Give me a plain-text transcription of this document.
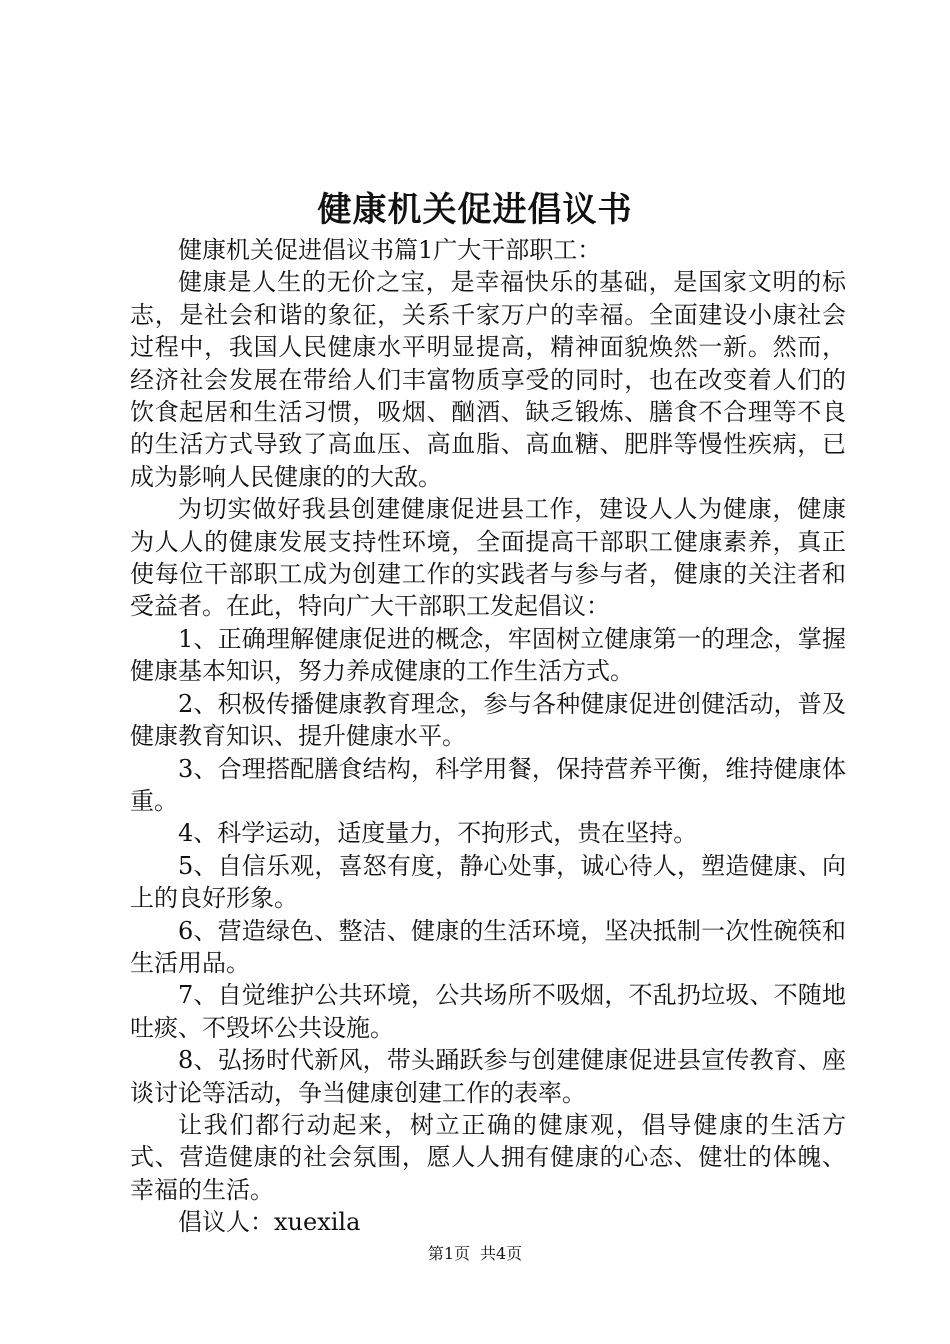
健康机关促进倡议书

健康机关促进倡议书篇1广大干部职工：

健康是人生的无价之宝，是幸福快乐的基础，是国家文明的标志，是社会和谐的象征，关系千家万户的幸福。全面建设小康社会过程中，我国人民健康水平明显提高，精神面貌焕然一新。然而，经济社会发展在带给人们丰富物质享受的同时，也在改变着人们的饮食起居和生活习惯，吸烟、酗酒、缺乏锻炼、膳食不合理等不良的生活方式导致了高血压、高血脂、高血糖、肥胖等慢性疾病，已成为影响人民健康的的大敌。

为切实做好我县创建健康促进县工作，建设人人为健康，健康为人人的健康发展支持性环境，全面提高干部职工健康素养，真正使每位干部职工成为创建工作的实践者与参与者，健康的关注者和受益者。在此，特向广大干部职工发起倡议：

1、正确理解健康促进的概念，牢固树立健康第一的理念，掌握健康基本知识，努力养成健康的工作生活方式。

2、积极传播健康教育理念，参与各种健康促进创健活动，普及健康教育知识、提升健康水平。

3、合理搭配膳食结构，科学用餐，保持营养平衡，维持健康体重。

4、科学运动，适度量力，不拘形式，贵在坚持。

5、自信乐观，喜怒有度，静心处事，诚心待人，塑造健康、向上的良好形象。

6、营造绿色、整洁、健康的生活环境，坚决抵制一次性碗筷和生活用品。

7、自觉维护公共环境，公共场所不吸烟，不乱扔垃圾、不随地吐痰、不毁坏公共设施。

8、弘扬时代新风，带头踊跃参与创建健康促进县宣传教育、座谈讨论等活动，争当健康创建工作的表率。

让我们都行动起来，树立正确的健康观，倡导健康的生活方式、营造健康的社会氛围，愿人人拥有健康的心态、健壮的体魄、幸福的生活。

倡议人：xuexila

第1页 共4页
